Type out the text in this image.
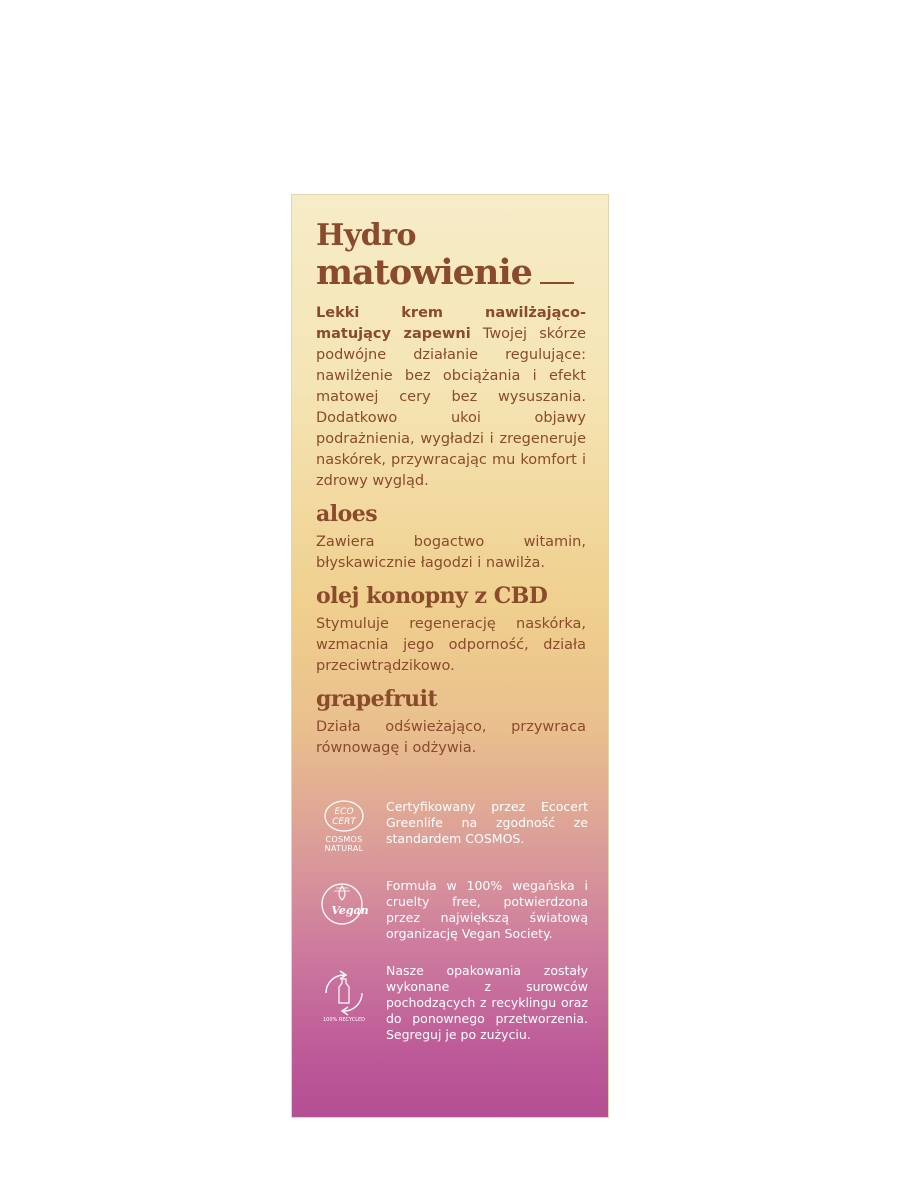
Hydro
matowienie
Lekki krem nawilżająco-matujący zapewni Twojej skórze podwójne działanie regulujące: nawilżenie bez obciążania i efekt matowej cery bez wysuszania. Dodatkowo ukoi objawy podrażnienia, wygładzi i zregeneruje naskórek, przywracając mu komfort i zdrowy wygląd.
aloes
Zawiera bogactwo witamin, błyskawicznie łagodzi i nawilża.
olej konopny z CBD
Stymuluje regenerację naskórka, wzmacnia jego odporność, działa przeciwtrądzikowo.
grapefruit
Działa odświeżająco, przywraca równowagę i odżywia.
ECO
CERT
COSMOS
NATURAL
Certyfikowany przez Ecocert Greenlife na zgodność ze standardem COSMOS.
Vegan
Formuła w 100% wegańska i cruelty free, potwierdzona przez największą światową organizację Vegan Society.
100% RECYCLED
Nasze opakowania zostały wykonane z surowców pochodzących z recyklingu oraz do ponownego przetworzenia. Segreguj je po zużyciu.
